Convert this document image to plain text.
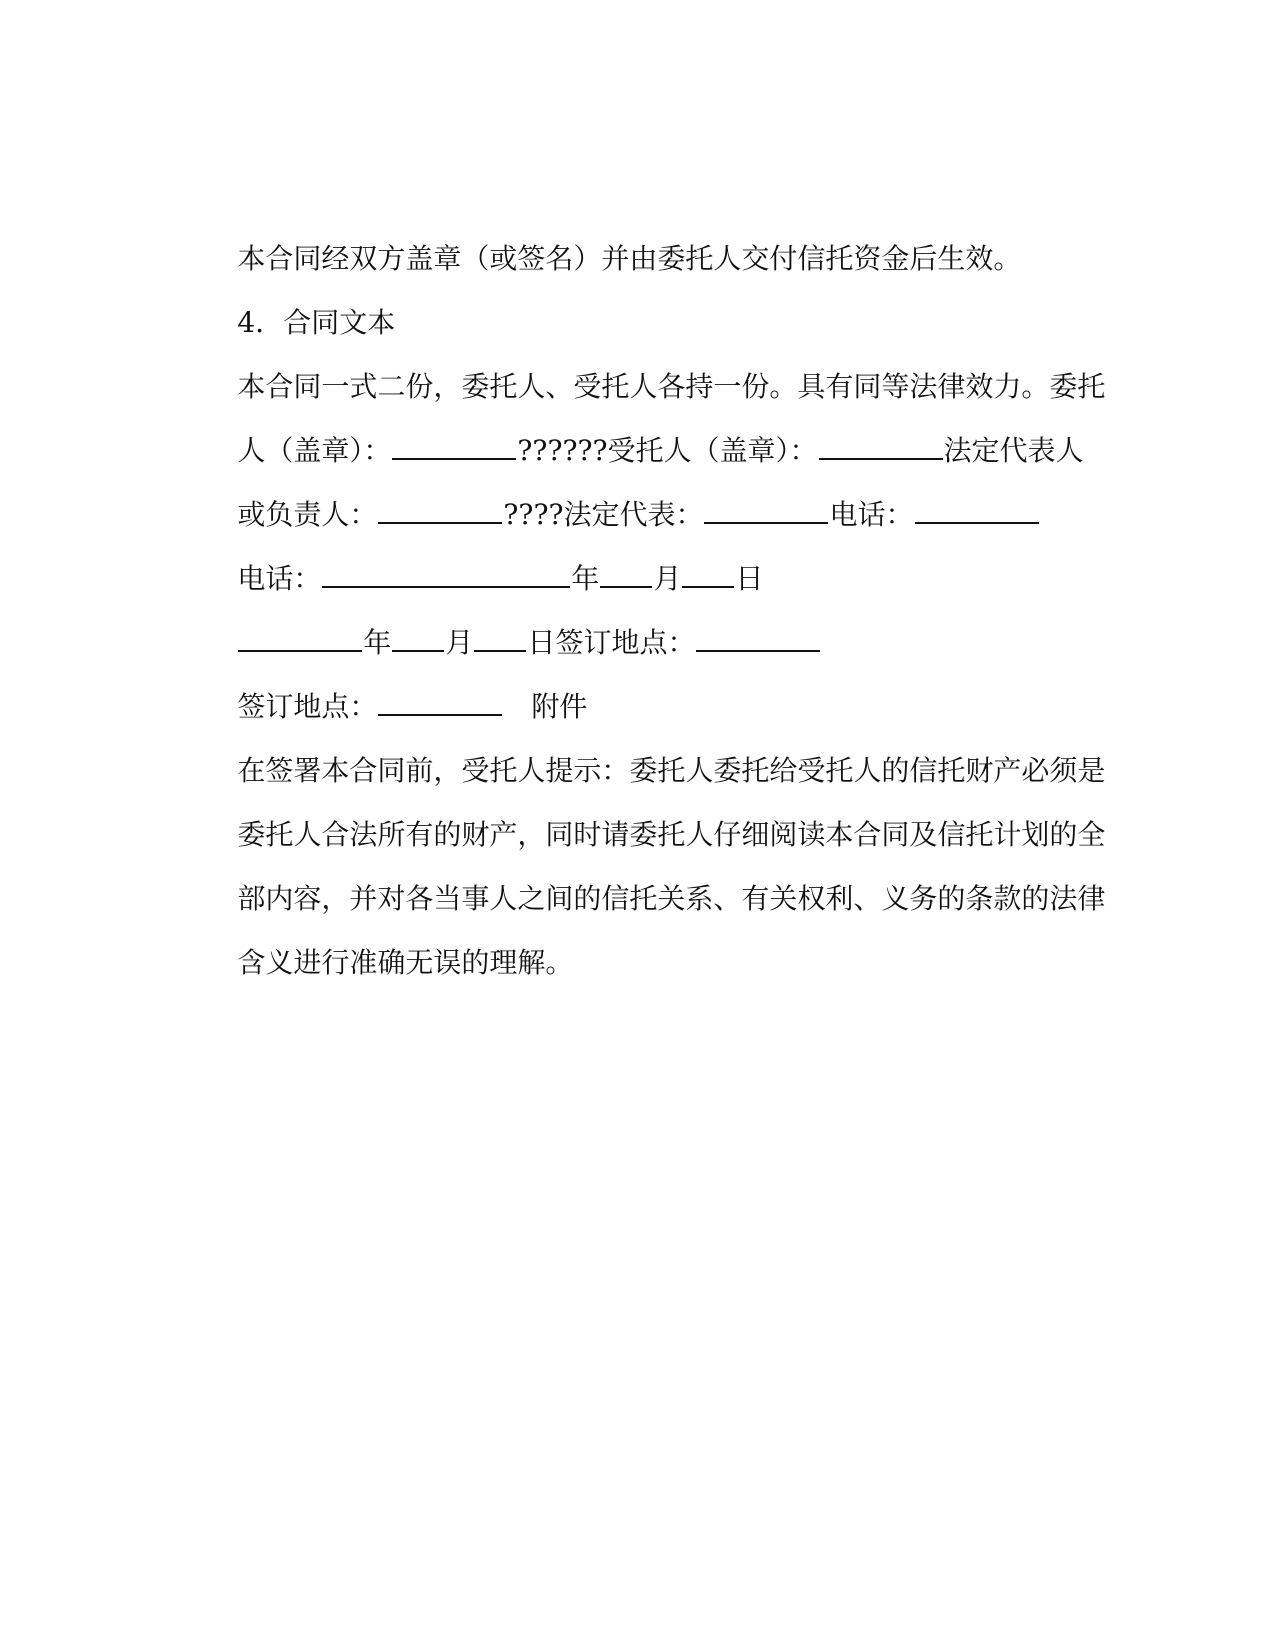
本合同经双方盖章（或签名）并由委托人交付信托资金后生效。

4．合同文本

本合同一式二份，委托人、受托人各持一份。具有同等法律效力。委托

人（盖章）：	??????受托人（盖章）：	法定代表人

或负责人：	????法定代表：	电话：

电话：	年 月 日

年 月 日签订地点：

签订地点：	附件

在签署本合同前，受托人提示：委托人委托给受托人的信托财产必须是

委托人合法所有的财产，同时请委托人仔细阅读本合同及信托计划的全

部内容，并对各当事人之间的信托关系、有关权利、义务的条款的法律

含义进行准确无误的理解。
